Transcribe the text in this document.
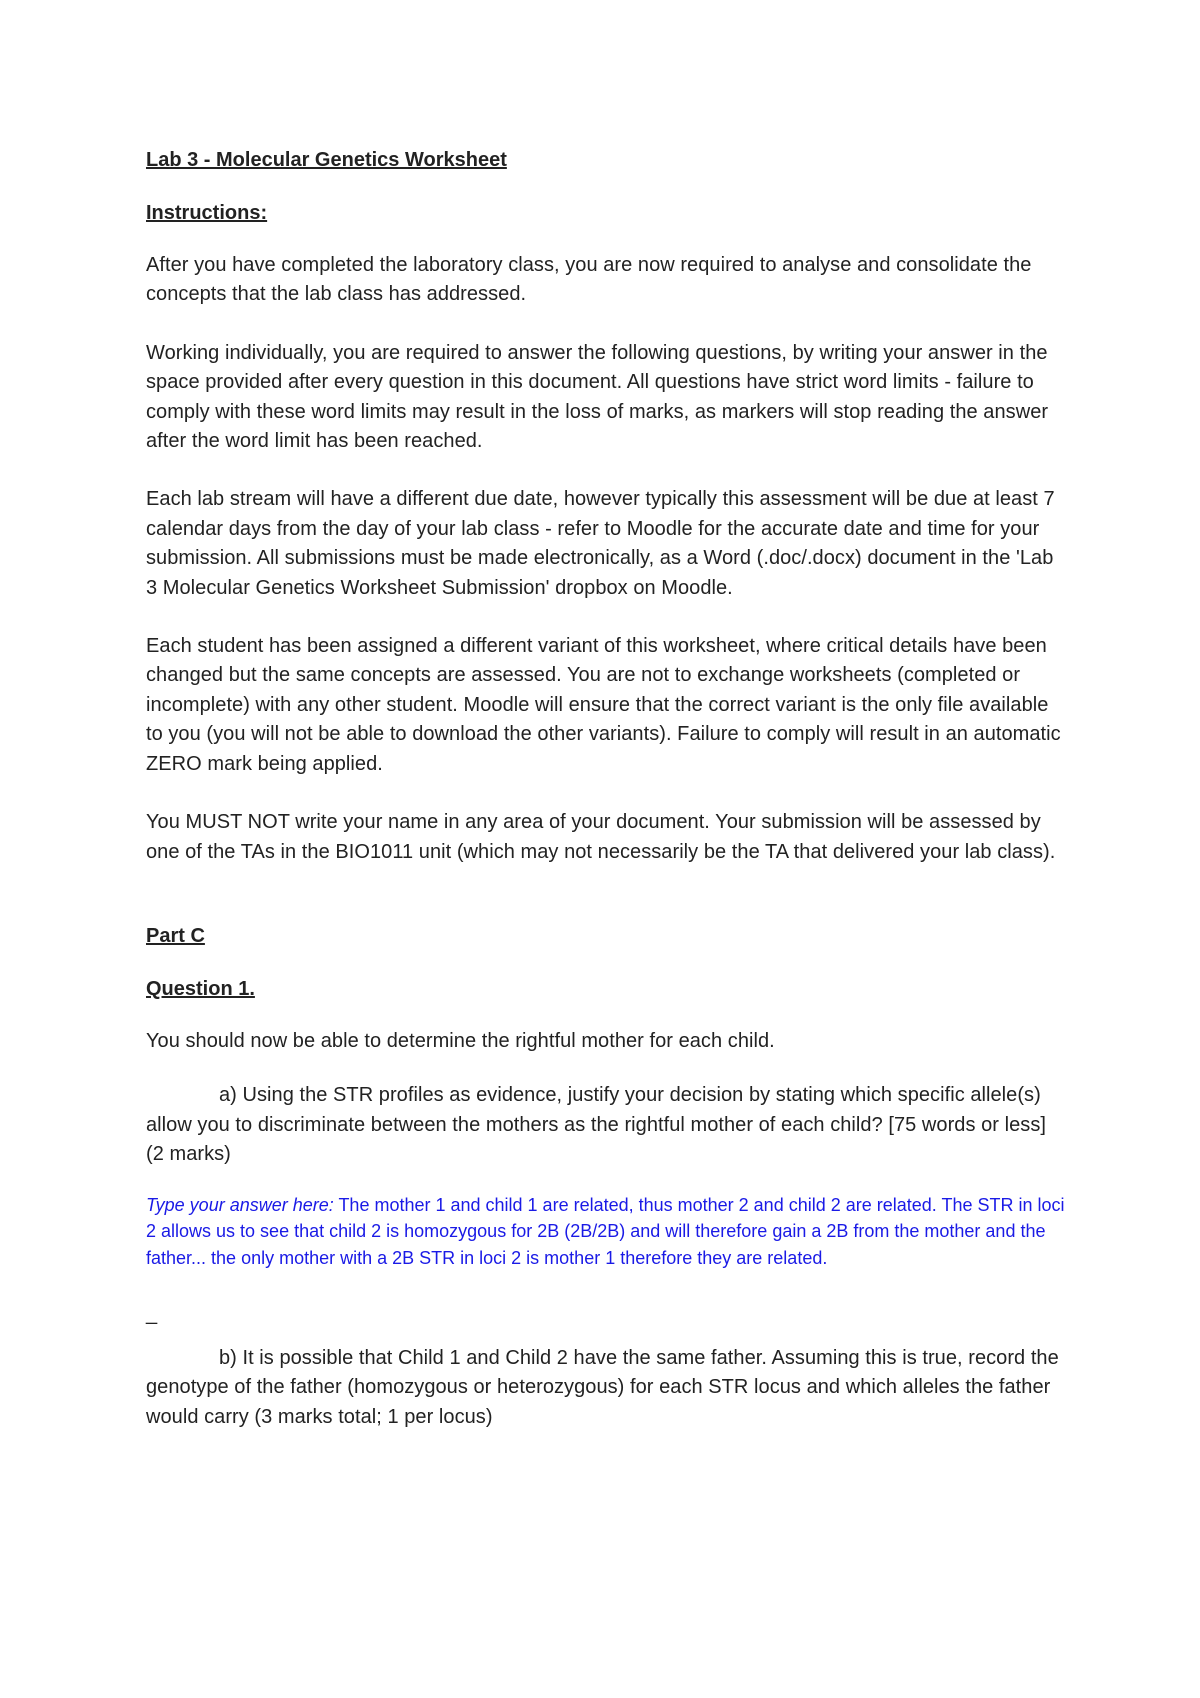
Lab 3 - Molecular Genetics Worksheet

Instructions:

After you have completed the laboratory class, you are now required to analyse and consolidate the concepts that the lab class has addressed.

Working individually, you are required to answer the following questions, by writing your answer in the space provided after every question in this document. All questions have strict word limits - failure to comply with these word limits may result in the loss of marks, as markers will stop reading the answer after the word limit has been reached.

Each lab stream will have a different due date, however typically this assessment will be due at least 7 calendar days from the day of your lab class - refer to Moodle for the accurate date and time for your submission. All submissions must be made electronically, as a Word (.doc/.docx) document in the 'Lab 3 Molecular Genetics Worksheet Submission' dropbox on Moodle.

Each student has been assigned a different variant of this worksheet, where critical details have been changed but the same concepts are assessed. You are not to exchange worksheets (completed or incomplete) with any other student. Moodle will ensure that the correct variant is the only file available to you (you will not be able to download the other variants). Failure to comply will result in an automatic ZERO mark being applied.

You MUST NOT write your name in any area of your document. Your submission will be assessed by one of the TAs in the BIO1011 unit (which may not necessarily be the TA that delivered your lab class).

Part C

Question 1.

You should now be able to determine the rightful mother for each child.

a) Using the STR profiles as evidence, justify your decision by stating which specific allele(s) allow you to discriminate between the mothers as the rightful mother of each child? [75 words or less] (2 marks)

Type your answer here: The mother 1 and child 1 are related, thus mother 2 and child 2 are related. The STR in loci 2 allows us to see that child 2 is homozygous for 2B (2B/2B) and will therefore gain a 2B from the mother and the father... the only mother with a 2B STR in loci 2 is mother 1 therefore they are related.

_

b) It is possible that Child 1 and Child 2 have the same father. Assuming this is true, record the genotype of the father (homozygous or heterozygous) for each STR locus and which alleles the father would carry (3 marks total; 1 per locus)
